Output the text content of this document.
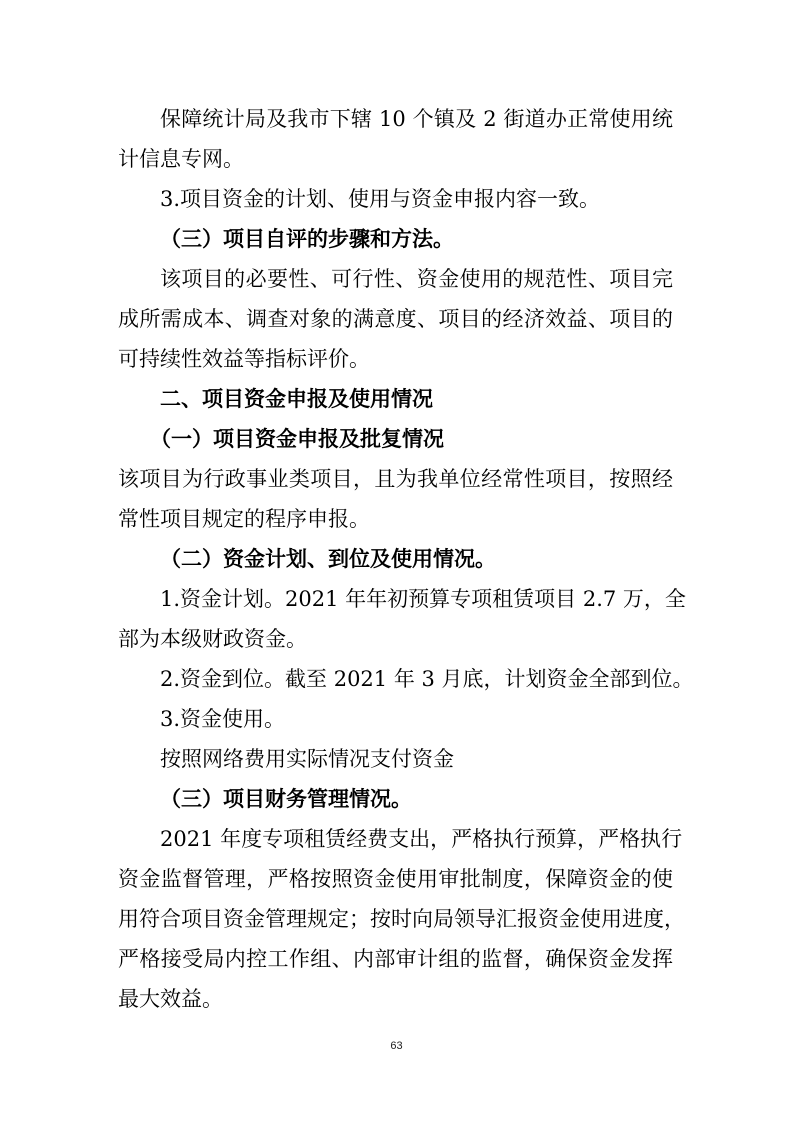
保障统计局及我市下辖 10 个镇及 2 街道办正常使用统
计信息专网。
3.项目资金的计划、使用与资金申报内容一致。
（三）项目自评的步骤和方法。
该项目的必要性、可行性、资金使用的规范性、项目完
成所需成本、调查对象的满意度、项目的经济效益、项目的
可持续性效益等指标评价。
二、项目资金申报及使用情况
（一）项目资金申报及批复情况
该项目为行政事业类项目，且为我单位经常性项目，按照经
常性项目规定的程序申报。
（二）资金计划、到位及使用情况。
1.资金计划。2021 年年初预算专项租赁项目 2.7 万，全
部为本级财政资金。
2.资金到位。截至 2021 年 3 月底，计划资金全部到位。
3.资金使用。
按照网络费用实际情况支付资金
（三）项目财务管理情况。
2021 年度专项租赁经费支出，严格执行预算，严格执行
资金监督管理，严格按照资金使用审批制度，保障资金的使
用符合项目资金管理规定；按时向局领导汇报资金使用进度，
严格接受局内控工作组、内部审计组的监督，确保资金发挥
最大效益。
63
